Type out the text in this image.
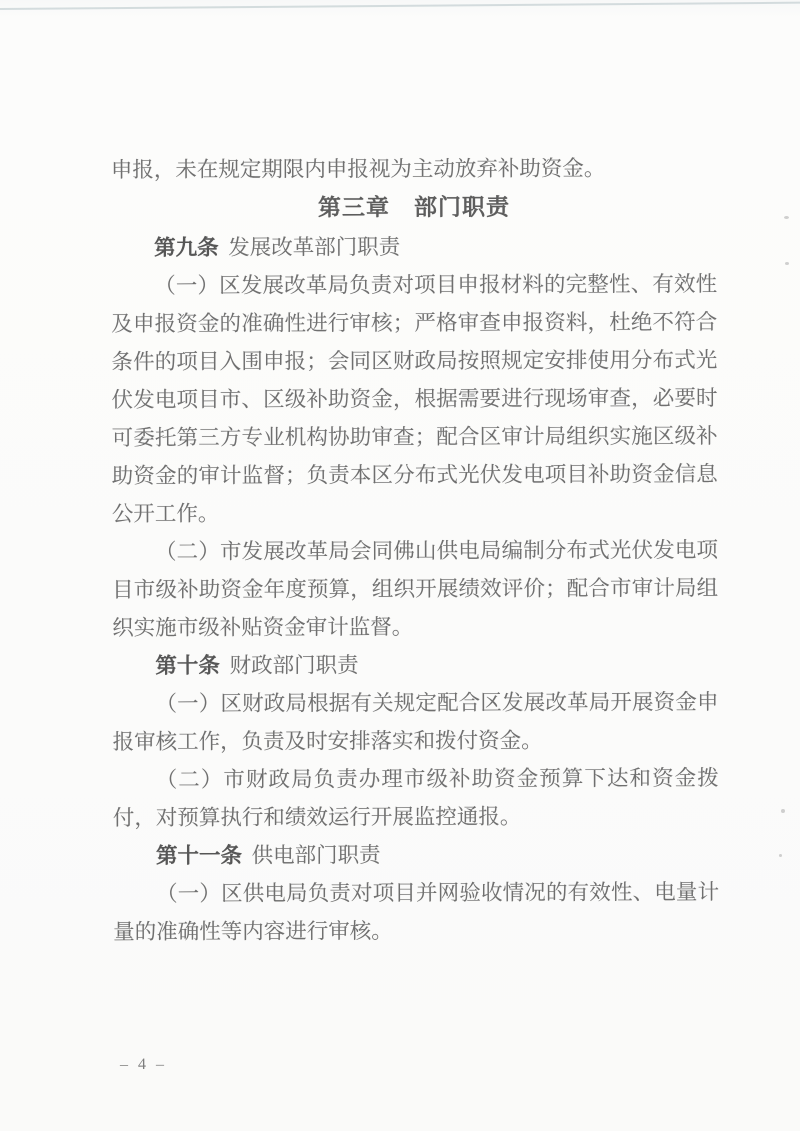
申报，未在规定期限内申报视为主动放弃补助资金。

第三章　部门职责

第九条 发展改革部门职责

（一）区发展改革局负责对项目申报材料的完整性、有效性及申报资金的准确性进行审核；严格审查申报资料，杜绝不符合条件的项目入围申报；会同区财政局按照规定安排使用分布式光伏发电项目市、区级补助资金，根据需要进行现场审查，必要时可委托第三方专业机构协助审查；配合区审计局组织实施区级补助资金的审计监督；负责本区分布式光伏发电项目补助资金信息公开工作。

（二）市发展改革局会同佛山供电局编制分布式光伏发电项目市级补助资金年度预算，组织开展绩效评价；配合市审计局组织实施市级补贴资金审计监督。

第十条 财政部门职责

（一）区财政局根据有关规定配合区发展改革局开展资金申报审核工作，负责及时安排落实和拨付资金。

（二）市财政局负责办理市级补助资金预算下达和资金拨付，对预算执行和绩效运行开展监控通报。

第十一条 供电部门职责

（一）区供电局负责对项目并网验收情况的有效性、电量计量的准确性等内容进行审核。

– 4 –
